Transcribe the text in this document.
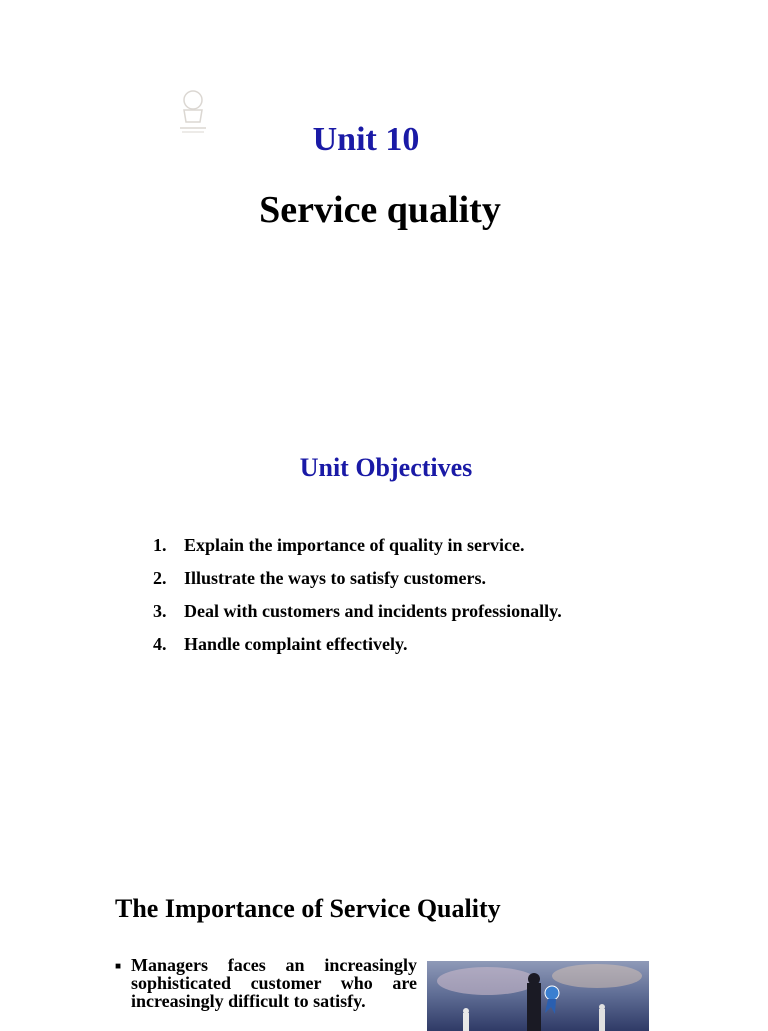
Unit 10
Service quality
Unit Objectives
1. Explain the importance of quality in service.
2. Illustrate the ways to satisfy customers.
3. Deal with customers and incidents professionally.
4. Handle complaint effectively.
The Importance of Service Quality
■ Managers faces an increasingly sophisticated customer who are increasingly difficult to satisfy.
